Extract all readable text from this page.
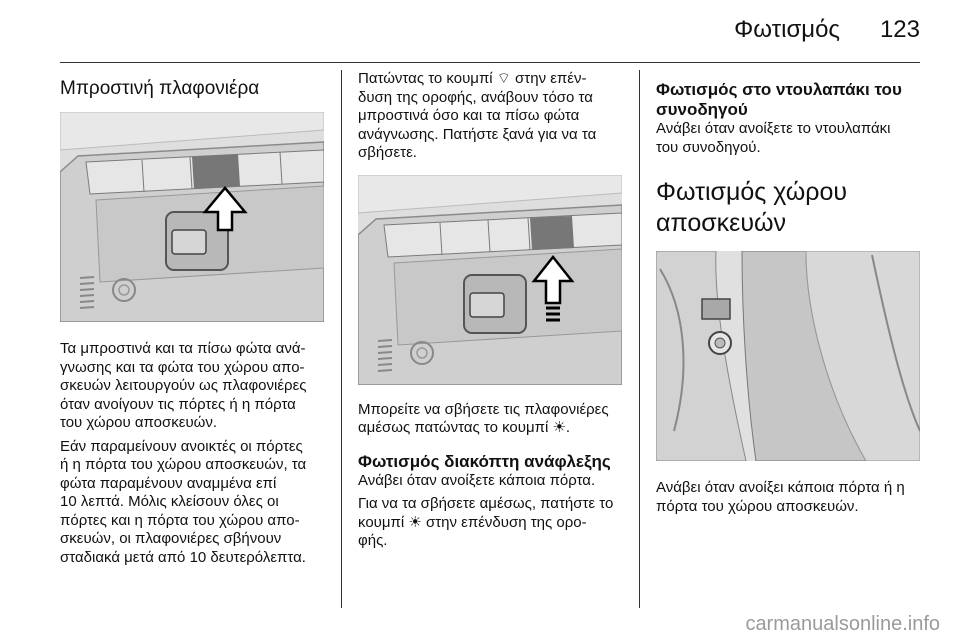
Φωτισμός 123
Μπροστινή πλαφονιέρα

Τα μπροστινά και τα πίσω φώτα ανά-

γνωσης και τα φώτα του χώρου απο-

σκευών λειτουργούν ως πλαφονιέρες

όταν ανοίγουν τις πόρτες ή η πόρτα

του χώρου αποσκευών.

Εάν παραμείνουν ανοικτές οι πόρτες

ή η πόρτα του χώρου αποσκευών, τα

φώτα παραμένουν αναμμένα επί

10 λεπτά. Μόλις κλείσουν όλες οι

πόρτες και η πόρτα του χώρου απο-

σκευών, οι πλαφονιέρες σβήνουν

σταδιακά μετά από 10 δευτερόλεπτα.

Πατώντας το κουμπί ⌔ στην επέν-

δυση της οροφής, ανάβουν τόσο τα

μπροστινά όσο και τα πίσω φώτα

ανάγνωσης. Πατήστε ξανά για να τα

σβήσετε.

Μπορείτε να σβήσετε τις πλαφονιέρες

αμέσως πατώντας το κουμπί ☀.

Φωτισμός διακόπτη ανάφλεξης

Ανάβει όταν ανοίξετε κάποια πόρτα.

Για να τα σβήσετε αμέσως, πατήστε το

κουμπί ☀ στην επένδυση της ορο-

φής.

Φωτισμός στο ντουλαπάκι του
συνοδηγού

Ανάβει όταν ανοίξετε το ντουλαπάκι

του συνοδηγού.

Φωτισμός χώρου
αποσκευών

Ανάβει όταν ανοίξει κάποια πόρτα ή η

πόρτα του χώρου αποσκευών.

carmanualsonline.info
